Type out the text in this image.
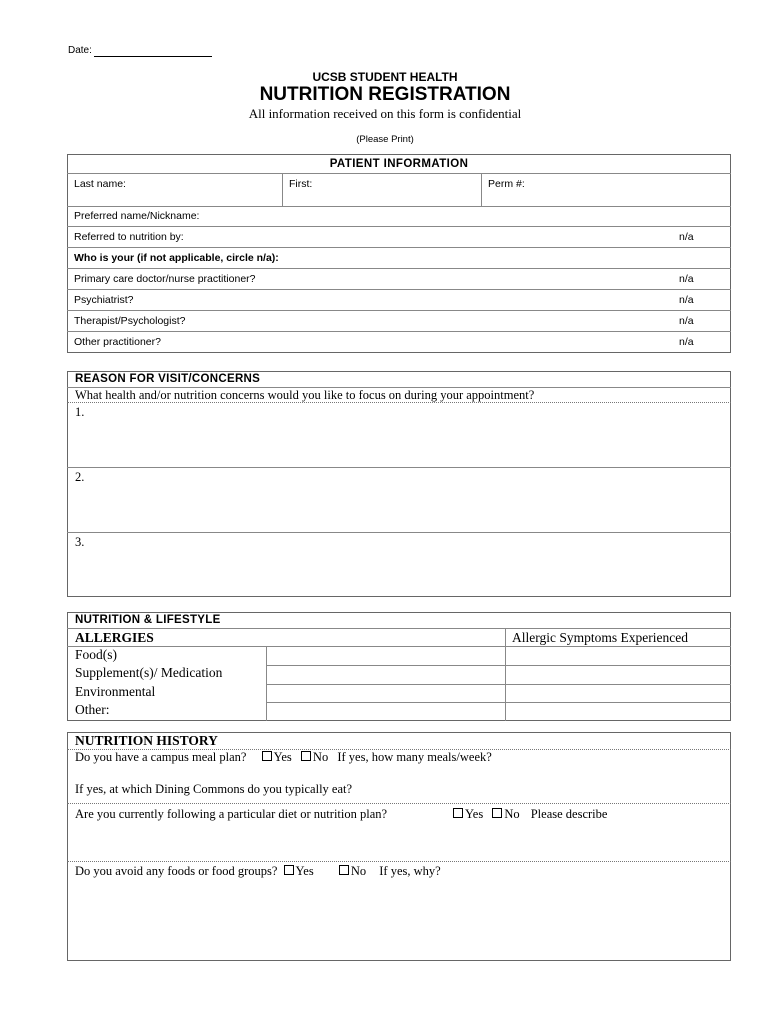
Date:
UCSB STUDENT HEALTH
NUTRITION REGISTRATION
All information received on this form is confidential
(Please Print)
PATIENT INFORMATION
Last name:	First:	Perm #:
Preferred name/Nickname:
Referred to nutrition by:	n/a
Who is your (if not applicable, circle n/a):
Primary care doctor/nurse practitioner?	n/a
Psychiatrist?	n/a
Therapist/Psychologist?	n/a
Other practitioner?	n/a
REASON FOR VISIT/CONCERNS
What health and/or nutrition concerns would you like to focus on during your appointment?
1.
2.
3.
NUTRITION & LIFESTYLE
ALLERGIES	Allergic Symptoms Experienced
Food(s)
Supplement(s)/ Medication
Environmental
Other:
NUTRITION HISTORY
Do you have a campus meal plan? Yes No If yes, how many meals/week?
If yes, at which Dining Commons do you typically eat?
Are you currently following a particular diet or nutrition plan?	Yes No Please describe
Do you avoid any foods or food groups? Yes	No If yes, why?
